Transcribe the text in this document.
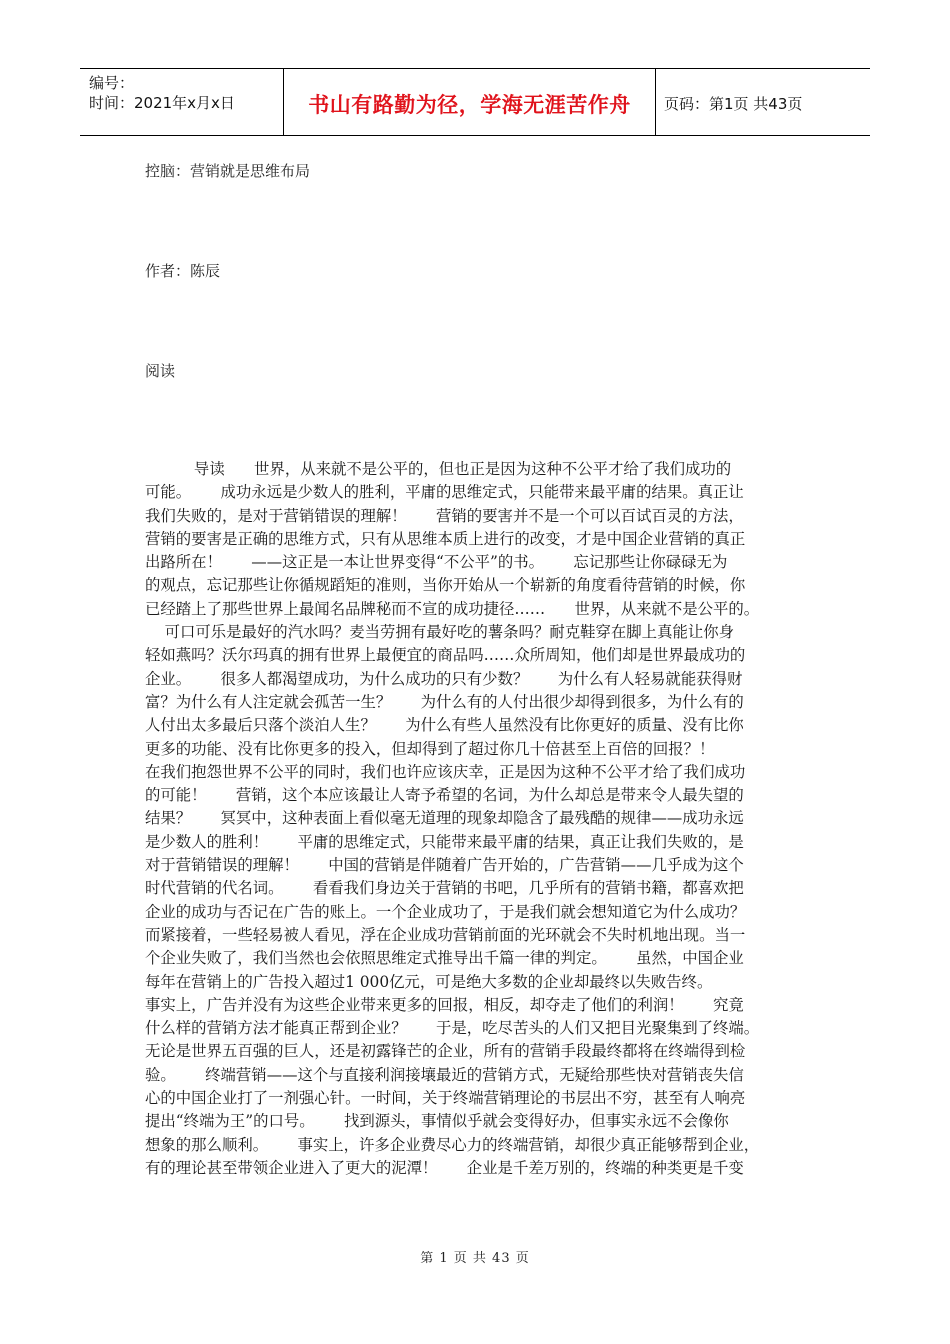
编号：
时间：2021年x月x日	书山有路勤为径，学海无涯苦作舟 页码：第1页 共43页
控脑：营销就是思维布局
作者：陈辰
阅读
导读      世界，从来就不是公平的，但也正是因为这种不公平才给了我们成功的
可能。      成功永远是少数人的胜利，平庸的思维定式，只能带来最平庸的结果。真正让
我们失败的，是对于营销错误的理解！      营销的要害并不是一个可以百试百灵的方法，
营销的要害是正确的思维方式，只有从思维本质上进行的改变，才是中国企业营销的真正
出路所在！      ——这正是一本让世界变得“不公平”的书。      忘记那些让你碌碌无为
的观点，忘记那些让你循规蹈矩的准则，当你开始从一个崭新的角度看待营销的时候，你
已经踏上了那些世界上最闻名品牌秘而不宣的成功捷径……      世界，从来就不是公平的。
可口可乐是最好的汽水吗？麦当劳拥有最好吃的薯条吗？耐克鞋穿在脚上真能让你身
轻如燕吗？沃尔玛真的拥有世界上最便宜的商品吗……众所周知，他们却是世界最成功的
企业。      很多人都渴望成功，为什么成功的只有少数？      为什么有人轻易就能获得财
富？为什么有人注定就会孤苦一生？      为什么有的人付出很少却得到很多，为什么有的
人付出太多最后只落个淡泊人生？      为什么有些人虽然没有比你更好的质量、没有比你
更多的功能、没有比你更多的投入，但却得到了超过你几十倍甚至上百倍的回报？！
在我们抱怨世界不公平的同时，我们也许应该庆幸，正是因为这种不公平才给了我们成功
的可能！      营销，这个本应该最让人寄予希望的名词，为什么却总是带来令人最失望的
结果？      冥冥中，这种表面上看似毫无道理的现象却隐含了最残酷的规律——成功永远
是少数人的胜利！      平庸的思维定式，只能带来最平庸的结果，真正让我们失败的，是
对于营销错误的理解！      中国的营销是伴随着广告开始的，广告营销——几乎成为这个
时代营销的代名词。      看看我们身边关于营销的书吧，几乎所有的营销书籍，都喜欢把
企业的成功与否记在广告的账上。一个企业成功了，于是我们就会想知道它为什么成功？
而紧接着，一些轻易被人看见，浮在企业成功营销前面的光环就会不失时机地出现。当一
个企业失败了，我们当然也会依照思维定式推导出千篇一律的判定。      虽然，中国企业
每年在营销上的广告投入超过1 000亿元，可是绝大多数的企业却最终以失败告终。
事实上，广告并没有为这些企业带来更多的回报，相反，却夺走了他们的利润！      究竟
什么样的营销方法才能真正帮到企业？      于是，吃尽苦头的人们又把目光聚集到了终端。
无论是世界五百强的巨人，还是初露锋芒的企业，所有的营销手段最终都将在终端得到检
验。      终端营销——这个与直接利润接壤最近的营销方式，无疑给那些快对营销丧失信
心的中国企业打了一剂强心针。一时间，关于终端营销理论的书层出不穷，甚至有人响亮
提出“终端为王”的口号。      找到源头，事情似乎就会变得好办，但事实永远不会像你
想象的那么顺利。      事实上，许多企业费尽心力的终端营销，却很少真正能够帮到企业，
有的理论甚至带领企业进入了更大的泥潭！      企业是千差万别的，终端的种类更是千变
第 1 页 共 43 页
